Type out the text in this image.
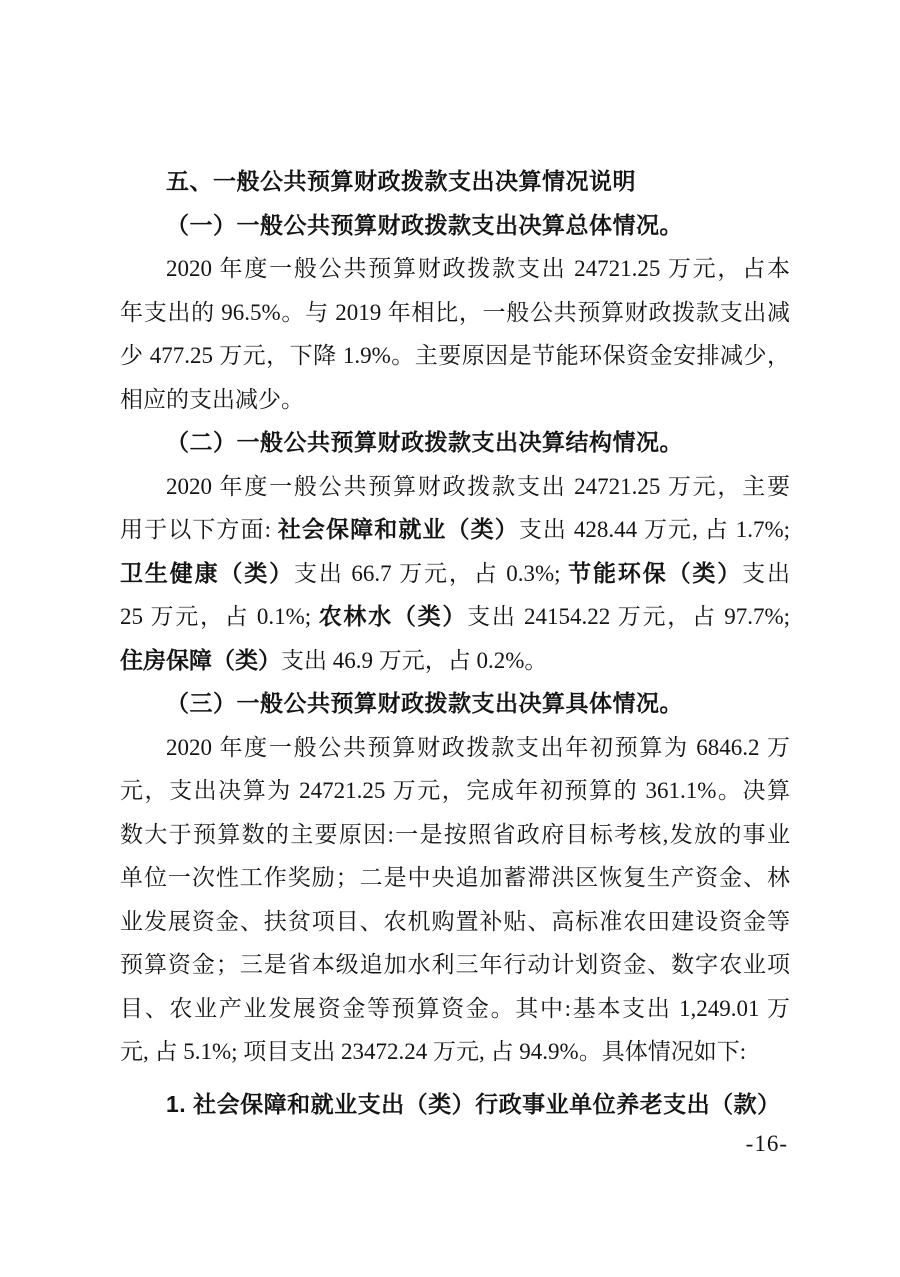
五、一般公共预算财政拨款支出决算情况说明
（一）一般公共预算财政拨款支出决算总体情况。
2020 年度一般公共预算财政拨款支出 24721.25 万元，占本
年支出的 96.5%。与 2019 年相比，一般公共预算财政拨款支出减
少 477.25 万元，下降 1.9%。主要原因是节能环保资金安排减少，
相应的支出减少。
（二）一般公共预算财政拨款支出决算结构情况。
2020 年度一般公共预算财政拨款支出 24721.25 万元，主要
用于以下方面: 社会保障和就业（类）支出 428.44 万元, 占 1.7%;
卫生健康（类）支出 66.7 万元，占 0.3%; 节能环保（类）支出
25 万元，占 0.1%; 农林水（类）支出 24154.22 万元，占 97.7%;
住房保障（类）支出 46.9 万元，占 0.2%。
（三）一般公共预算财政拨款支出决算具体情况。
2020 年度一般公共预算财政拨款支出年初预算为 6846.2 万
元，支出决算为 24721.25 万元，完成年初预算的 361.1%。决算
数大于预算数的主要原因:一是按照省政府目标考核,发放的事业
单位一次性工作奖励；二是中央追加蓄滞洪区恢复生产资金、林
业发展资金、扶贫项目、农机购置补贴、高标准农田建设资金等
预算资金；三是省本级追加水利三年行动计划资金、数字农业项
目、农业产业发展资金等预算资金。其中:基本支出 1,249.01 万
元, 占 5.1%; 项目支出 23472.24 万元, 占 94.9%。具体情况如下:
1. 社会保障和就业支出（类）行政事业单位养老支出（款）
-16-
